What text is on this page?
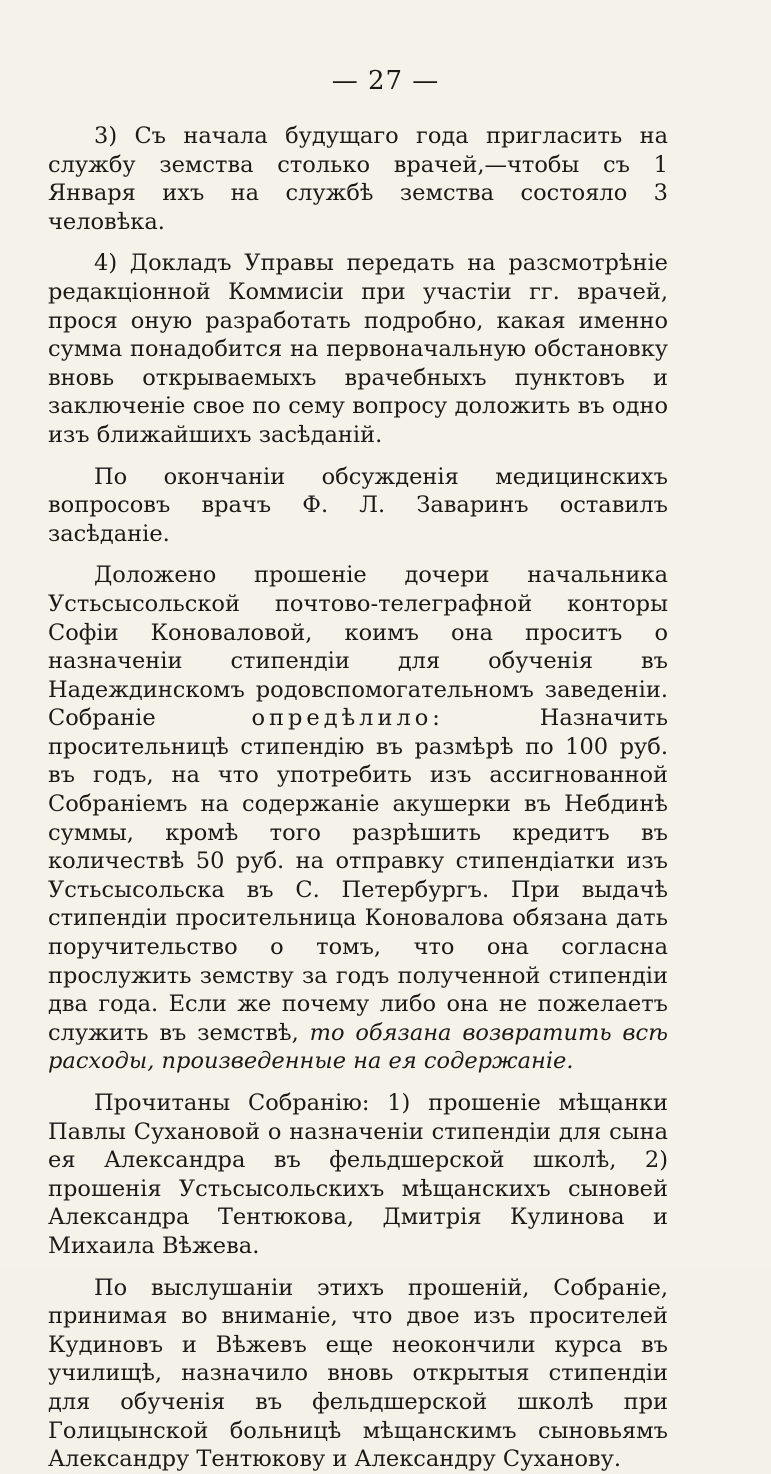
— 27 —

3) Съ начала будущаго года пригласить на службу земства столько врачей,—чтобы съ 1 Января ихъ на службѣ земства состояло 3 человѣка.

4) Докладъ Управы передать на разсмотрѣніе редакціонной Коммисіи при участіи гг. врачей, прося оную разработать подробно, какая именно сумма понадобится на первоначальную обстановку вновь открываемыхъ врачебныхъ пунктовъ и заключеніе свое по сему вопросу доложить въ одно изъ ближайшихъ засѣданій.

По окончаніи обсужденія медицинскихъ вопросовъ врачъ Ф. Л. Заваринъ оставилъ засѣданіе.

Доложено прошеніе дочери начальника Устьсысольской почтово-телеграфной конторы Софіи Коноваловой, коимъ она проситъ о назначеніи стипендіи для обученія въ Надеждинскомъ родовспомогательномъ заведеніи. Собраніе опредѣлило: Назначить просительницѣ стипендію въ размѣрѣ по 100 руб. въ годъ, на что употребить изъ ассигнованной Собраніемъ на содержаніе акушерки въ Небдинѣ суммы, кромѣ того разрѣшить кредитъ въ количествѣ 50 руб. на отправку стипендіатки изъ Устьсысольска въ С. Петербургъ. При выдачѣ стипендіи просительница Коновалова обязана дать поручительство о томъ, что она согласна прослужить земству за годъ полученной стипендіи два года. Если же почему либо она не пожелаетъ служить въ земствѣ, то обязана возвратить всѣ расходы, произведенные на ея содержаніе.

Прочитаны Собранію: 1) прошеніе мѣщанки Павлы Сухановой о назначеніи стипендіи для сына ея Александра въ фельдшерской школѣ, 2) прошенія Устьсысольскихъ мѣщанскихъ сыновей Александра Тентюкова, Дмитрія Кулинова и Михаила Вѣжева.

По выслушаніи этихъ прошеній, Собраніе, принимая во вниманіе, что двое изъ просителей Кудиновъ и Вѣжевъ еще неокончили курса въ училищѣ, назначило вновь открытыя стипендіи для обученія въ фельдшерской школѣ при Голицынской больницѣ мѣщанскимъ сыновьямъ Александру Тентюкову и Александру Суханову.
